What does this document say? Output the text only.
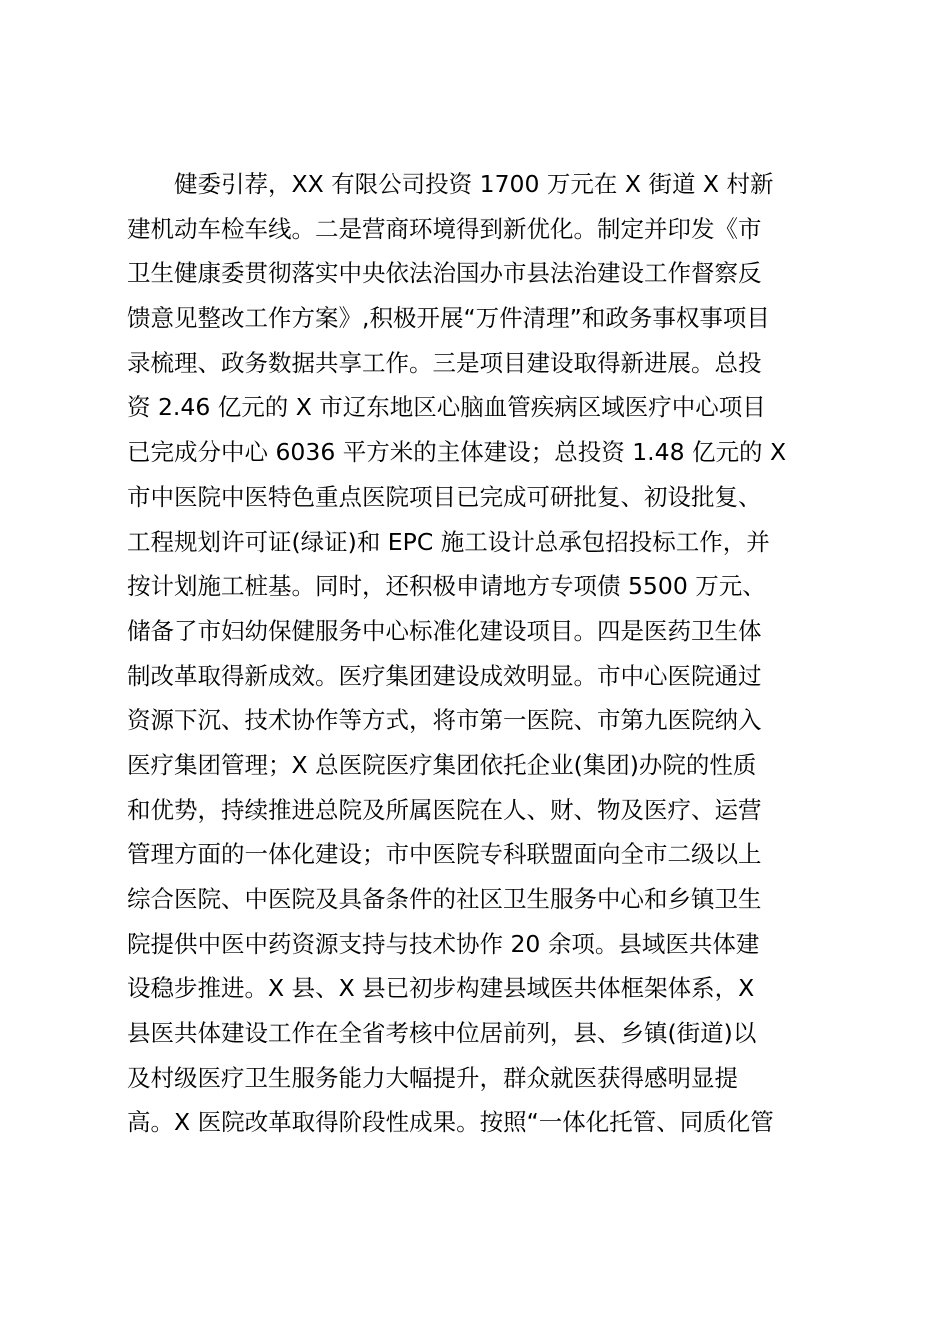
健委引荐，XX 有限公司投资 1700 万元在 X 街道 X 村新
建机动车检车线。二是营商环境得到新优化。制定并印发《市
卫生健康委贯彻落实中央依法治国办市县法治建设工作督察反
馈意见整改工作方案》,积极开展“万件清理”和政务事权事项目
录梳理、政务数据共享工作。三是项目建设取得新进展。总投
资 2.46 亿元的 X 市辽东地区心脑血管疾病区域医疗中心项目
已完成分中心 6036 平方米的主体建设；总投资 1.48 亿元的 X
市中医院中医特色重点医院项目已完成可研批复、初设批复、
工程规划许可证(绿证)和 EPC 施工设计总承包招投标工作，并
按计划施工桩基。同时，还积极申请地方专项债 5500 万元、
储备了市妇幼保健服务中心标准化建设项目。四是医药卫生体
制改革取得新成效。医疗集团建设成效明显。市中心医院通过
资源下沉、技术协作等方式，将市第一医院、市第九医院纳入
医疗集团管理；X 总医院医疗集团依托企业(集团)办院的性质
和优势，持续推进总院及所属医院在人、财、物及医疗、运营
管理方面的一体化建设；市中医院专科联盟面向全市二级以上
综合医院、中医院及具备条件的社区卫生服务中心和乡镇卫生
院提供中医中药资源支持与技术协作 20 余项。县域医共体建
设稳步推进。X 县、X 县已初步构建县域医共体框架体系，X
县医共体建设工作在全省考核中位居前列，县、乡镇(街道)以
及村级医疗卫生服务能力大幅提升，群众就医获得感明显提
高。X 医院改革取得阶段性成果。按照“一体化托管、同质化管
